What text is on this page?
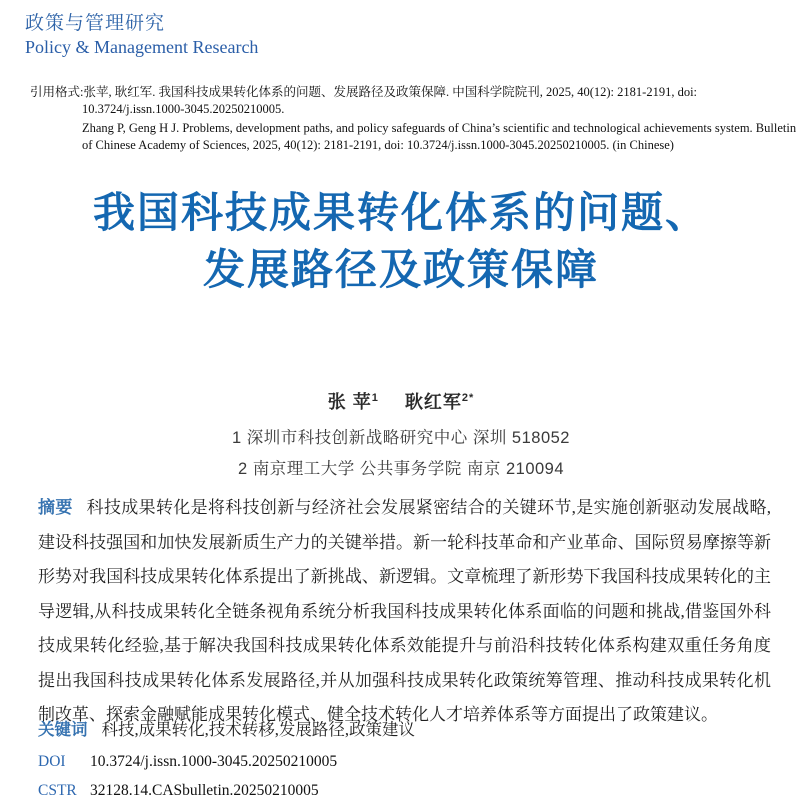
政策与管理研究
Policy & Management Research

引用格式:张苹, 耿红军. 我国科技成果转化体系的问题、发展路径及政策保障. 中国科学院院刊, 2025, 40(12): 2181-2191, doi: 10.3724/j.issn.1000-3045.20250210005.

Zhang P, Geng H J. Problems, development paths, and policy safeguards of China’s scientific and technological achievements system. Bulletin of Chinese Academy of Sciences, 2025, 40(12): 2181-2191, doi: 10.3724/j.issn.1000-3045.20250210005. (in Chinese)

我国科技成果转化体系的问题、
发展路径及政策保障
张 苹$^1$ 耿红军$^{2*}$
1 深圳市科技创新战略研究中心 深圳 518052
2 南京理工大学 公共事务学院 南京 210094

摘要 科技成果转化是将科技创新与经济社会发展紧密结合的关键环节,是实施创新驱动发展战略,建设科技强国和加快发展新质生产力的关键举措。新一轮科技革命和产业革命、国际贸易摩擦等新形势对我国科技成果转化体系提出了新挑战、新逻辑。文章梳理了新形势下我国科技成果转化的主导逻辑,从科技成果转化全链条视角系统分析我国科技成果转化体系面临的问题和挑战,借鉴国外科技成果转化经验,基于解决我国科技成果转化体系效能提升与前沿科技转化体系构建双重任务角度提出我国科技成果转化体系发展路径,并从加强科技成果转化政策统筹管理、推动科技成果转化机制改革、探索金融赋能成果转化模式、健全技术转化人才培养体系等方面提出了政策建议。

关键词 科技,成果转化,技术转移,发展路径,政策建议

DOI 10.3724/j.issn.1000-3045.20250210005

CSTR 32128.14.CASbulletin.20250210005
